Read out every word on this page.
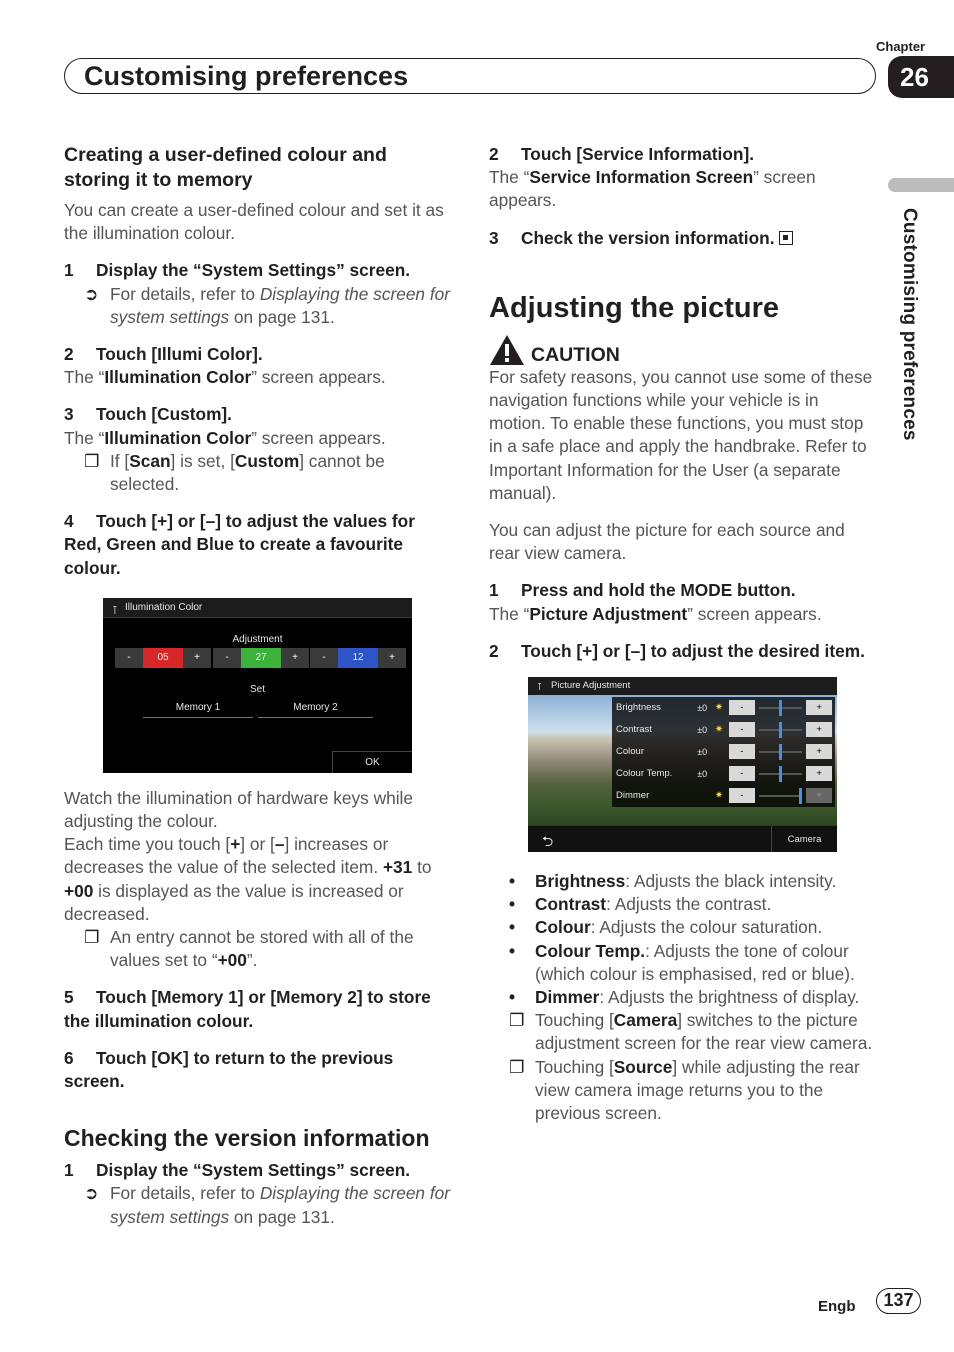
Chapter
Customising preferences	26
Customising preferences
Creating a user-defined colour and storing it to memory
You can create a user-defined colour and set it as the illumination colour.
1 Display the “System Settings” screen.
➲ For details, refer to Displaying the screen for system settings on page 131.
2 Touch [Illumi Color].
The “Illumination Color” screen appears.
3 Touch [Custom].
The “Illumination Color” screen appears.
❐ If [Scan] is set, [Custom] cannot be selected.
4 Touch [+] or [–] to adjust the values for Red, Green and Blue to create a favourite colour.
⊺ Illumination Color
Adjustment
-	05	+	-	27	+	-	12	+
Set
Memory 1	Memory 2
OK
Watch the illumination of hardware keys while adjusting the colour.
Each time you touch [+] or [–] increases or decreases the value of the selected item. +31 to +00 is displayed as the value is increased or decreased.
❐ An entry cannot be stored with all of the values set to “+00”.
5 Touch [Memory 1] or [Memory 2] to store the illumination colour.
6 Touch [OK] to return to the previous screen.
Checking the version information
1 Display the “System Settings” screen.
➲ For details, refer to Displaying the screen for system settings on page 131.
2 Touch [Service Information].
The “Service Information Screen” screen appears.
3 Check the version information.
Adjusting the picture
CAUTION
For safety reasons, you cannot use some of these navigation functions while your vehicle is in motion. To enable these functions, you must stop in a safe place and apply the handbrake. Refer to Important Information for the User (a separate manual).
You can adjust the picture for each source and rear view camera.
1 Press and hold the MODE button.
The “Picture Adjustment” screen appears.
2 Touch [+] or [–] to adjust the desired item.
⊺ Picture Adjustment
Brightness	±0 ✷	-	+
Contrast	±0 ✷	-	+
Colour	±0	-	+
Colour Temp.	±0	-	+
Dimmer	✷	-	+
⮌	Camera
• Brightness: Adjusts the black intensity.
• Contrast: Adjusts the contrast.
• Colour: Adjusts the colour saturation.
• Colour Temp.: Adjusts the tone of colour (which colour is emphasised, red or blue).
• Dimmer: Adjusts the brightness of display.
❐ Touching [Camera] switches to the picture adjustment screen for the rear view camera.
❐ Touching [Source] while adjusting the rear view camera image returns you to the previous screen.
Engb	137
